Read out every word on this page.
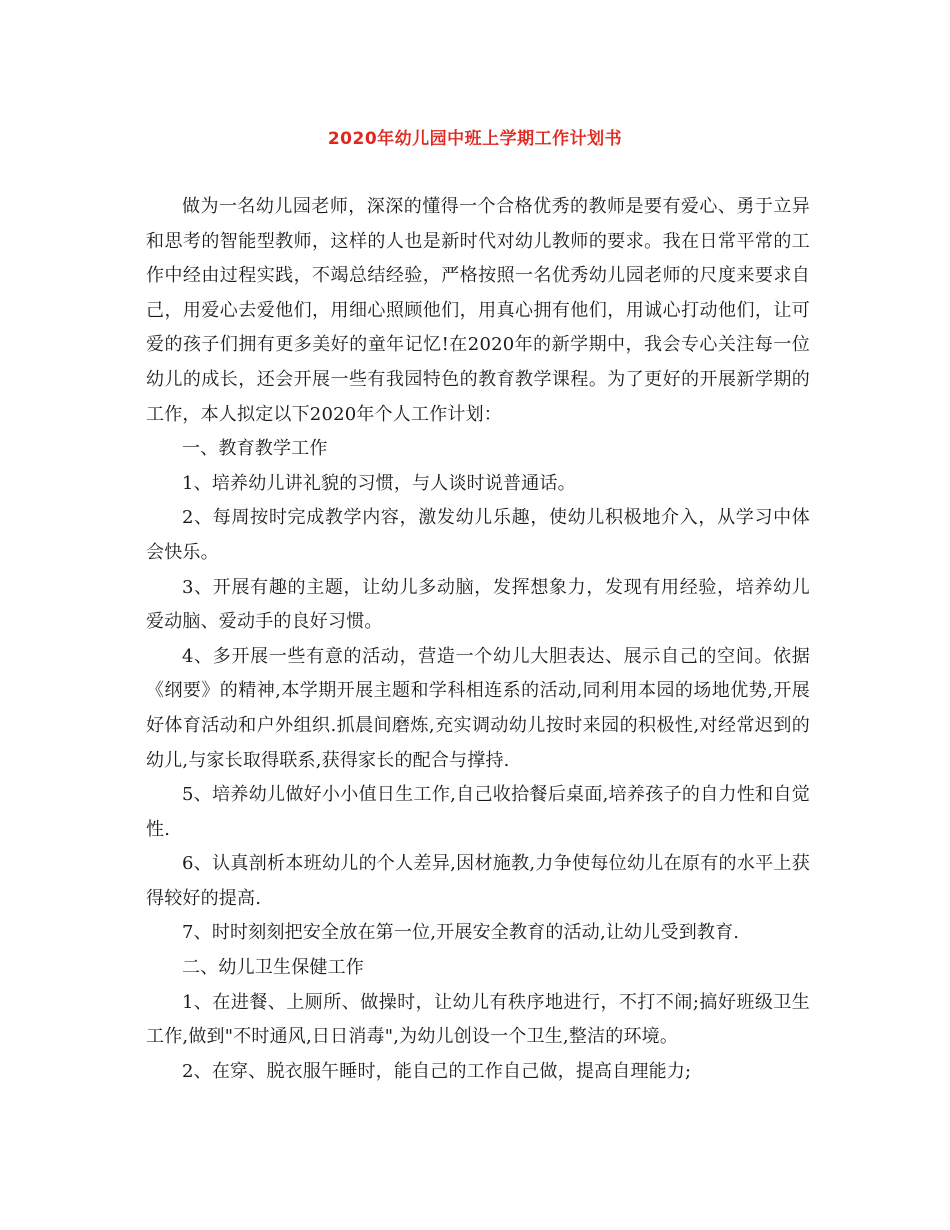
2020年幼儿园中班上学期工作计划书

做为一名幼儿园老师，深深的懂得一个合格优秀的教师是要有爱心、勇于立异和思考的智能型教师，这样的人也是新时代对幼儿教师的要求。我在日常平常的工作中经由过程实践，不竭总结经验，严格按照一名优秀幼儿园老师的尺度来要求自己，用爱心去爱他们，用细心照顾他们，用真心拥有他们，用诚心打动他们，让可爱的孩子们拥有更多美好的童年记忆!在2020年的新学期中，我会专心关注每一位幼儿的成长，还会开展一些有我园特色的教育教学课程。为了更好的开展新学期的工作，本人拟定以下2020年个人工作计划：

一、教育教学工作

1、培养幼儿讲礼貌的习惯，与人谈时说普通话。

2、每周按时完成教学内容，激发幼儿乐趣，使幼儿积极地介入，从学习中体会快乐。

3、开展有趣的主题，让幼儿多动脑，发挥想象力，发现有用经验，培养幼儿爱动脑、爱动手的良好习惯。

4、多开展一些有意的活动，营造一个幼儿大胆表达、展示自己的空间。依据《纲要》的精神,本学期开展主题和学科相连系的活动,同利用本园的场地优势,开展好体育活动和户外组织.抓晨间磨炼,充实调动幼儿按时来园的积极性,对经常迟到的幼儿,与家长取得联系,获得家长的配合与撑持.

5、培养幼儿做好小小值日生工作,自己收拾餐后桌面,培养孩子的自力性和自觉性.

6、认真剖析本班幼儿的个人差异,因材施教,力争使每位幼儿在原有的水平上获得较好的提高.

7、时时刻刻把安全放在第一位,开展安全教育的活动,让幼儿受到教育.

二、幼儿卫生保健工作

1、在进餐、上厕所、做操时，让幼儿有秩序地进行，不打不闹;搞好班级卫生工作,做到"不时通风,日日消毒",为幼儿创设一个卫生,整洁的环境。

2、在穿、脱衣服午睡时，能自己的工作自己做，提高自理能力;
